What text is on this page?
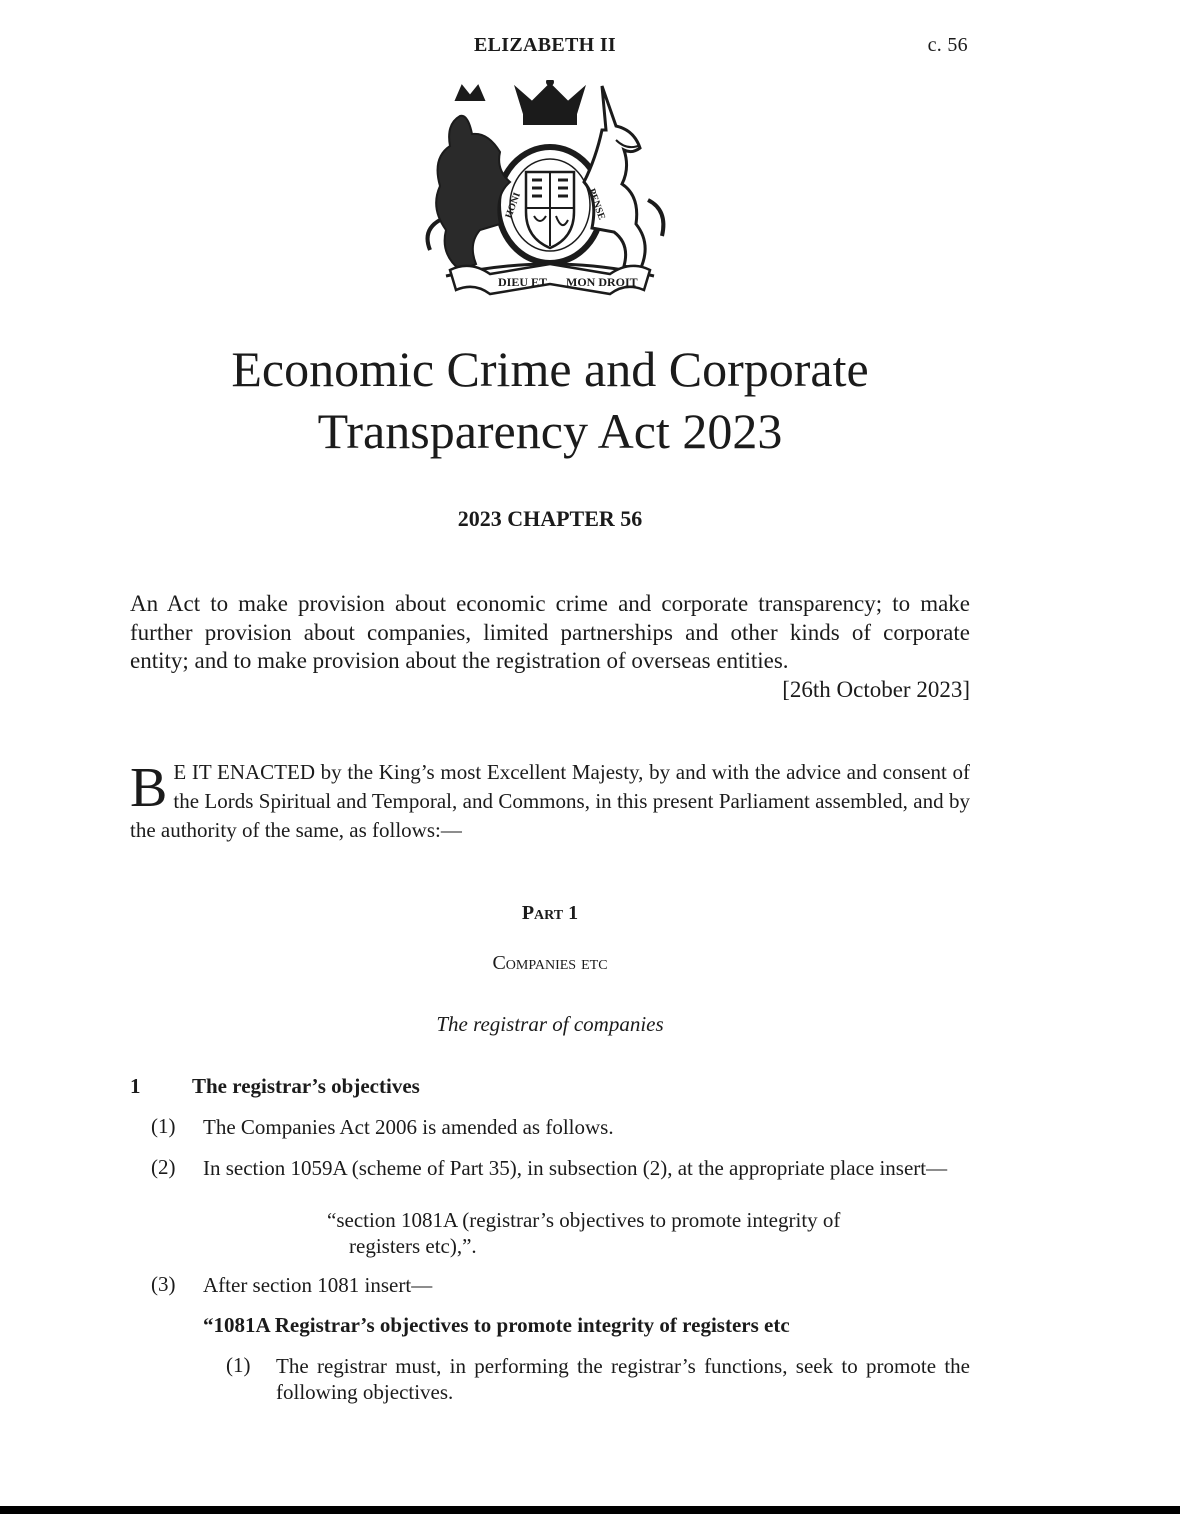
ELIZABETH II	c. 56
DIEU ET MON DROIT
HONI	PENSE
Economic Crime and Corporate
Transparency Act 2023
2023 CHAPTER 56
An Act to make provision about economic crime and corporate transparency; to make further provision about companies, limited partnerships and other kinds of corporate entity; and to make provision about the registration of overseas entities.
[26th October 2023]
B E IT ENACTED by the King’s most Excellent Majesty, by and with the advice and consent of the Lords Spiritual and Temporal, and Commons, in this present Parliament assembled, and by the authority of the same, as follows:—
Part 1
Companies etc
The registrar of companies
1 The registrar’s objectives
(1) The Companies Act 2006 is amended as follows.
(2) In section 1059A (scheme of Part 35), in subsection (2), at the appropriate place insert—
“section 1081A (registrar’s objectives to promote integrity of
registers etc),”.
(3) After section 1081 insert—
“1081A Registrar’s objectives to promote integrity of registers etc
(1) The registrar must, in performing the registrar’s functions, seek to promote the following objectives.
